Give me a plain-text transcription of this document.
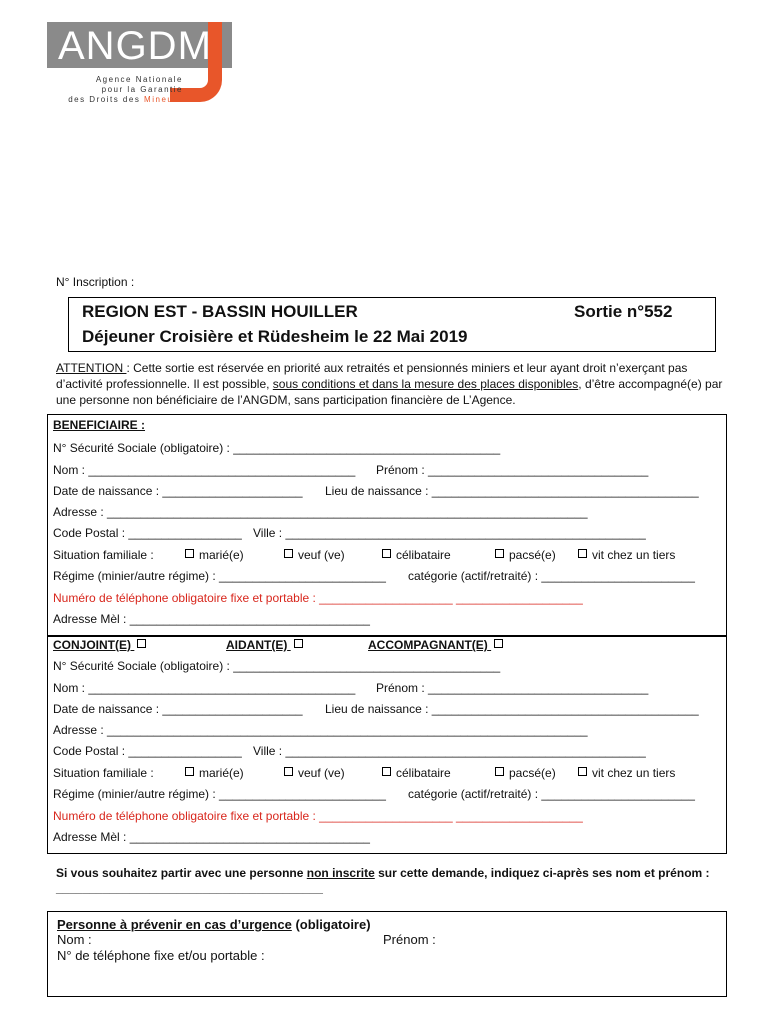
ANGDM
Agence Nationale
pour la Garantie
des Droits des Mineurs
N° Inscription :
REGION EST - BASSIN HOUILLER	Sortie n°552
Déjeuner Croisière et Rüdesheim le 22 Mai 2019
ATTENTION : Cette sortie est réservée en priorité aux retraités et pensionnés miniers et leur ayant droit n’exerçant pas d’activité professionnelle. Il est possible, sous conditions et dans la mesure des places disponibles, d’être accompagné(e) par une personne non bénéficiaire de l’ANGDM, sans participation financière de L’Agence.
BENEFICIAIRE :
N° Sécurité Sociale (obligatoire) : ________________________________________
Nom : ________________________________________ Prénom : _________________________________
Date de naissance : _____________________ Lieu de naissance : ________________________________________
Adresse : ________________________________________________________________________
Code Postal : _________________ Ville : ______________________________________________________
Situation familiale :	marié(e)	veuf (ve)	célibataire	pacsé(e)	vit chez un tiers
Régime (minier/autre régime) : _________________________ catégorie (actif/retraité) : _______________________
Numéro de téléphone obligatoire fixe et portable : ____________________ ___________________
Adresse Mèl : ____________________________________
CONJOINT(E)	AIDANT(E)	ACCOMPAGNANT(E)
N° Sécurité Sociale (obligatoire) : ________________________________________
Nom : ________________________________________ Prénom : _________________________________
Date de naissance : _____________________ Lieu de naissance : ________________________________________
Adresse : ________________________________________________________________________
Code Postal : _________________ Ville : ______________________________________________________
Situation familiale :	marié(e)	veuf (ve)	célibataire	pacsé(e)	vit chez un tiers
Régime (minier/autre régime) : _________________________ catégorie (actif/retraité) : _______________________
Numéro de téléphone obligatoire fixe et portable : ____________________ ___________________
Adresse Mèl : ____________________________________
Si vous souhaitez partir avec une personne non inscrite sur cette demande, indiquez ci-après ses nom et prénom : ________________________________________
Personne à prévenir en cas d’urgence (obligatoire)
Nom :	Prénom :
N° de téléphone fixe et/ou portable :
